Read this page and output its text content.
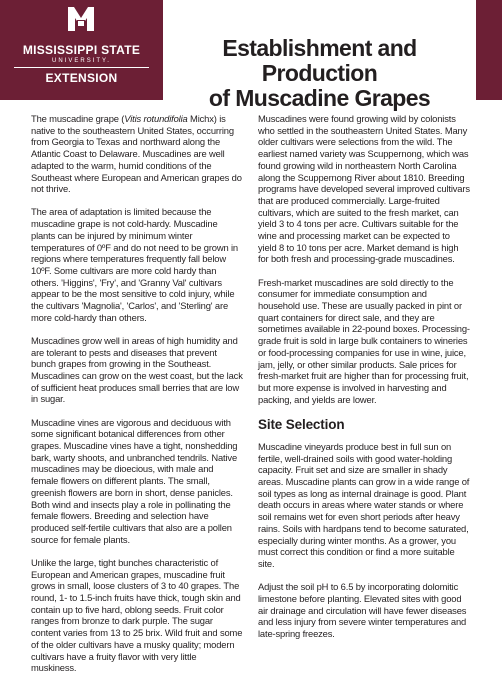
MISSISSIPPI STATE
UNIVERSITY.
EXTENSION
Establishment and Production
of Muscadine Grapes

The muscadine grape (Vitis rotundifolia Michx) is native to the southeastern United States, occurring from Georgia to Texas and northward along the Atlantic Coast to Delaware. Muscadines are well adapted to the warm, humid conditions of the Southeast where European and American grapes do not thrive.

The area of adaptation is limited because the muscadine grape is not cold-hardy. Muscadine plants can be injured by minimum winter temperatures of 0ºF and do not need to be grown in regions where temperatures frequently fall below 10ºF. Some cultivars are more cold hardy than others. 'Higgins', 'Fry', and 'Granny Val' cultivars appear to be the most sensitive to cold injury, while the cultivars 'Magnolia', 'Carlos', and 'Sterling' are more cold-hardy than others.

Muscadines grow well in areas of high humidity and are tolerant to pests and diseases that prevent bunch grapes from growing in the Southeast. Muscadines can grow on the west coast, but the lack of sufficient heat produces small berries that are low in sugar.

Muscadine vines are vigorous and deciduous with some significant botanical differences from other grapes. Muscadine vines have a tight, nonshedding bark, warty shoots, and unbranched tendrils. Native muscadines may be dioecious, with male and female flowers on different plants. The small, greenish flowers are born in short, dense panicles. Both wind and insects play a role in pollinating the female flowers. Breeding and selection have produced self-fertile cultivars that also are a pollen source for female plants.

Unlike the large, tight bunches characteristic of European and American grapes, muscadine fruit grows in small, loose clusters of 3 to 40 grapes. The round, 1- to 1.5-inch fruits have thick, tough skin and contain up to five hard, oblong seeds. Fruit color ranges from bronze to dark purple. The sugar content varies from 13 to 25 brix. Wild fruit and some of the older cultivars have a musky quality; modern cultivars have a fruity flavor with very little muskiness.

Muscadines were found growing wild by colonists who settled in the southeastern United States. Many older cultivars were selections from the wild. The earliest named variety was Scuppernong, which was found growing wild in northeastern North Carolina along the Scuppernong River about 1810. Breeding programs have developed several improved cultivars that are produced commercially. Large-fruited cultivars, which are suited to the fresh market, can yield 3 to 4 tons per acre. Cultivars suitable for the wine and processing market can be expected to yield 8 to 10 tons per acre. Market demand is high for both fresh and processing-grade muscadines.

Fresh-market muscadines are sold directly to the consumer for immediate consumption and household use. These are usually packed in pint or quart containers for direct sale, and they are sometimes available in 22-pound boxes. Processing-grade fruit is sold in large bulk containers to wineries or food-processing companies for use in wine, juice, jam, jelly, or other similar products. Sale prices for fresh-market fruit are higher than for processing fruit, but more expense is involved in harvesting and packing, and yields are lower.

Site Selection

Muscadine vineyards produce best in full sun on fertile, well-drained soils with good water-holding capacity. Fruit set and size are smaller in shady areas. Muscadine plants can grow in a wide range of soil types as long as internal drainage is good. Plant death occurs in areas where water stands or where soil remains wet for even short periods after heavy rains. Soils with hardpans tend to become saturated, especially during winter months. As a grower, you must correct this condition or find a more suitable site.

Adjust the soil pH to 6.5 by incorporating dolomitic limestone before planting. Elevated sites with good air drainage and circulation will have fewer diseases and less injury from severe winter temperatures and late-spring freezes.
